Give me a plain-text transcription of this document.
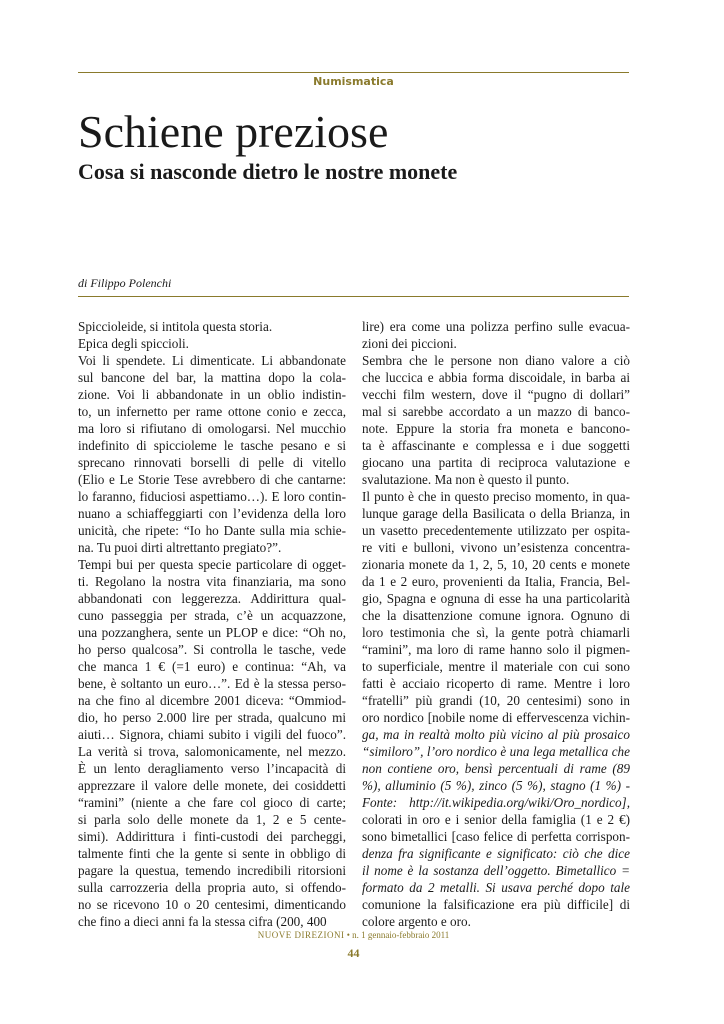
Numismatica
Schiene preziose
Cosa si nasconde dietro le nostre monete
di Filippo Polenchi
Spiccioleide, si intitola questa storia.
Epica degli spiccioli.
Voi li spendete. Li dimenticate. Li abbandonate
sul bancone del bar, la mattina dopo la cola-
zione. Voi li abbandonate in un oblio indistin-
to, un infernetto per rame ottone conio e zecca,
ma loro si rifiutano di omologarsi. Nel mucchio
indefinito di spiccioleme le tasche pesano e si
sprecano rinnovati borselli di pelle di vitello
(Elio e Le Storie Tese avrebbero di che cantarne:
lo faranno, fiduciosi aspettiamo…). E loro contin-
nuano a schiaffeggiarti con l’evidenza della loro
unicità, che ripete: “Io ho Dante sulla mia schie-
na. Tu puoi dirti altrettanto pregiato?”.
Tempi bui per questa specie particolare di ogget-
ti. Regolano la nostra vita finanziaria, ma sono
abbandonati con leggerezza. Addirittura qual-
cuno passeggia per strada, c’è un acquazzone,
una pozzanghera, sente un PLOP e dice: “Oh no,
ho perso qualcosa”. Si controlla le tasche, vede
che manca 1 € (=1 euro) e continua: “Ah, va
bene, è soltanto un euro…”. Ed è la stessa perso-
na che fino al dicembre 2001 diceva: “Ommiod-
dio, ho perso 2.000 lire per strada, qualcuno mi
aiuti… Signora, chiami subito i vigili del fuoco”.
La verità si trova, salomonicamente, nel mezzo.
È un lento deragliamento verso l’incapacità di
apprezzare il valore delle monete, dei cosiddetti
“ramini” (niente a che fare col gioco di carte;
si parla solo delle monete da 1, 2 e 5 cente-
simi). Addirittura i finti-custodi dei parcheggi,
talmente finti che la gente si sente in obbligo di
pagare la questua, temendo incredibili ritorsioni
sulla carrozzeria della propria auto, si offendo-
no se ricevono 10 o 20 centesimi, dimenticando
che fino a dieci anni fa la stessa cifra (200, 400
lire) era come una polizza perfino sulle evacua-
zioni dei piccioni.
Sembra che le persone non diano valore a ciò
che luccica e abbia forma discoidale, in barba ai
vecchi film western, dove il “pugno di dollari”
mal si sarebbe accordato a un mazzo di banco-
note. Eppure la storia fra moneta e bancono-
ta è affascinante e complessa e i due soggetti
giocano una partita di reciproca valutazione e
svalutazione. Ma non è questo il punto.
Il punto è che in questo preciso momento, in qua-
lunque garage della Basilicata o della Brianza, in
un vasetto precedentemente utilizzato per ospita-
re viti e bulloni, vivono un’esistenza concentra-
zionaria monete da 1, 2, 5, 10, 20 cents e monete
da 1 e 2 euro, provenienti da Italia, Francia, Bel-
gio, Spagna e ognuna di esse ha una particolarità
che la disattenzione comune ignora. Ognuno di
loro testimonia che sì, la gente potrà chiamarli
“ramini”, ma loro di rame hanno solo il pigmen-
to superficiale, mentre il materiale con cui sono
fatti è acciaio ricoperto di rame. Mentre i loro
“fratelli” più grandi (10, 20 centesimi) sono in
oro nordico [nobile nome di effervescenza vichin-
ga, ma in realtà molto più vicino al più prosaico
“similoro”, l’oro nordico è una lega metallica che
non contiene oro, bensì percentuali di rame (89
%), alluminio (5 %), zinco (5 %), stagno (1 %) -
Fonte: http://it.wikipedia.org/wiki/Oro_nordico],
colorati in oro e i senior della famiglia (1 e 2 €)
sono bimetallici [caso felice di perfetta corrispon-
denza fra significante e significato: ciò che dice
il nome è la sostanza dell’oggetto. Bimetallico =
formato da 2 metalli. Si usava perché dopo tale
comunione la falsificazione era più difficile] di
colore argento e oro.
NUOVE DIREZIONI • n. 1 gennaio-febbraio 2011
44
